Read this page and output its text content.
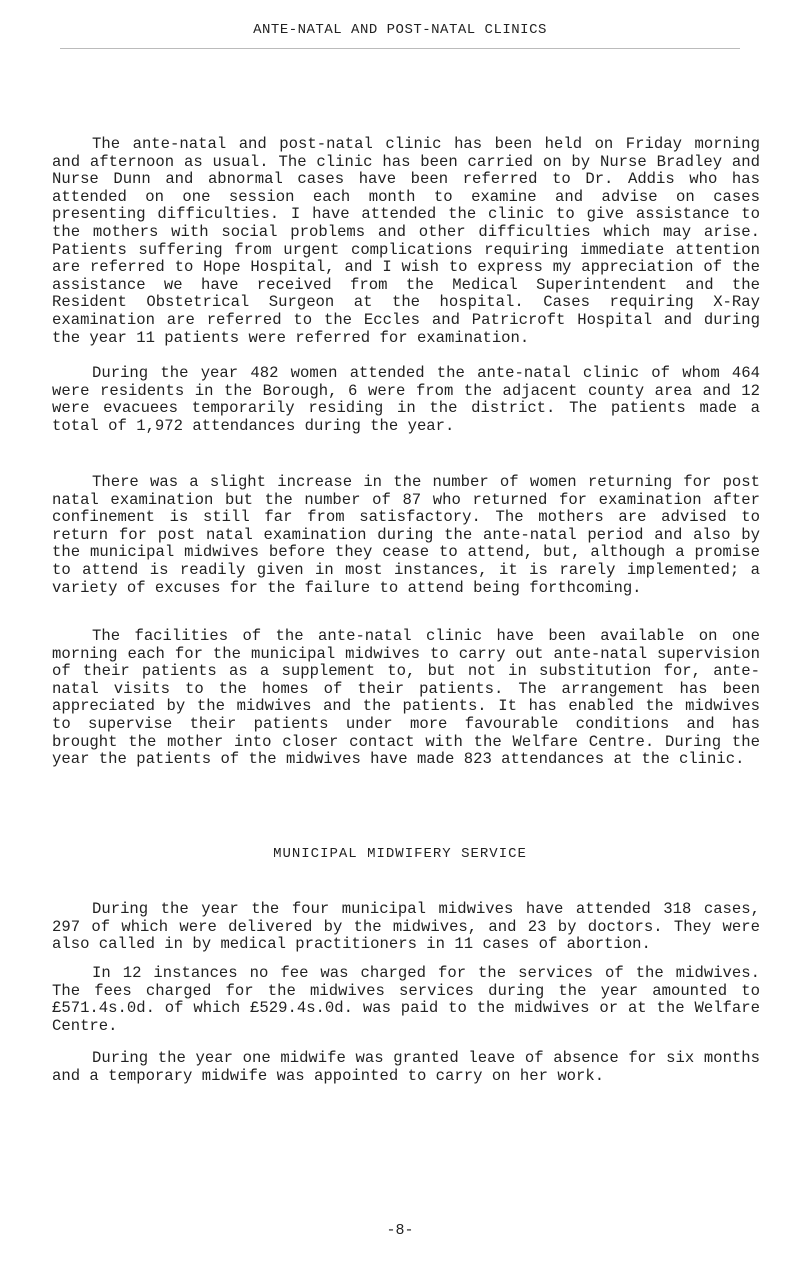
ANTE-NATAL AND POST-NATAL CLINICS

The ante-natal and post-natal clinic has been held on Friday morning and afternoon as usual. The clinic has been carried on by Nurse Bradley and Nurse Dunn and abnormal cases have been referred to Dr. Addis who has attended on one session each month to examine and advise on cases presenting difficulties. I have attended the clinic to give assistance to the mothers with social problems and other difficulties which may arise. Patients suffering from urgent complications requiring immediate attention are referred to Hope Hospital, and I wish to express my appreciation of the assistance we have received from the Medical Superintendent and the Resident Obstetrical Surgeon at the hospital. Cases requiring X-Ray examination are referred to the Eccles and Patricroft Hospital and during the year 11 patients were referred for examination.

During the year 482 women attended the ante-natal clinic of whom 464 were residents in the Borough, 6 were from the adjacent county area and 12 were evacuees temporarily residing in the district. The patients made a total of 1,972 attendances during the year.

There was a slight increase in the number of women returning for post natal examination but the number of 87 who returned for examination after confinement is still far from satisfactory. The mothers are advised to return for post natal examination during the ante-natal period and also by the municipal midwives before they cease to attend, but, although a promise to attend is readily given in most instances, it is rarely implemented; a variety of excuses for the failure to attend being forthcoming.

The facilities of the ante-natal clinic have been available on one morning each for the municipal midwives to carry out ante-natal supervision of their patients as a supplement to, but not in substitution for, ante-natal visits to the homes of their patients. The arrangement has been appreciated by the midwives and the patients. It has enabled the midwives to supervise their patients under more favourable conditions and has brought the mother into closer contact with the Welfare Centre. During the year the patients of the midwives have made 823 attendances at the clinic.

MUNICIPAL MIDWIFERY SERVICE

During the year the four municipal midwives have attended 318 cases, 297 of which were delivered by the midwives, and 23 by doctors. They were also called in by medical practitioners in 11 cases of abortion.

In 12 instances no fee was charged for the services of the midwives. The fees charged for the midwives services during the year amounted to £571.4s.0d. of which £529.4s.0d. was paid to the midwives or at the Welfare Centre.

During the year one midwife was granted leave of absence for six months and a temporary midwife was appointed to carry on her work.

-8-
